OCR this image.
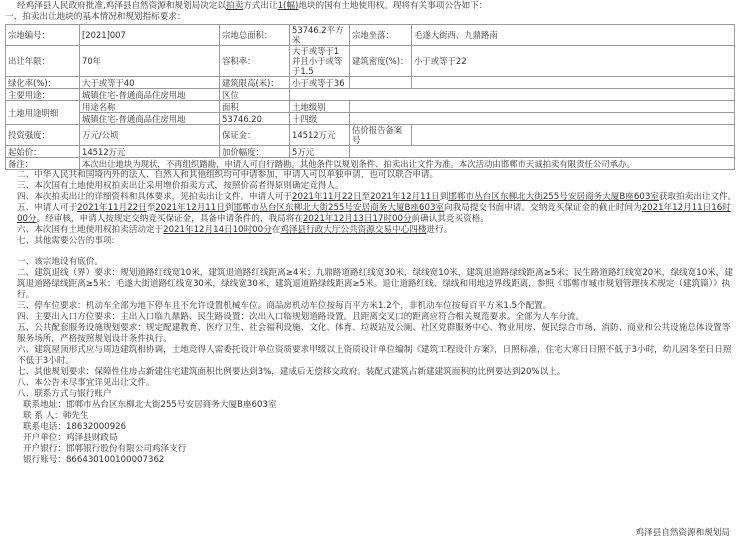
经鸡泽县人民政府批准,鸡泽县自然资源和规划局决定以拍卖方式出让1(幅)地块的国有土地使用权。现将有关事项公告如下：
一、拍卖出让地块的基本情况和规划指标要求：
宗地编号：	[2021]007	宗地总面积：	53746.2平方米	宗地坐落：	毛遂大街西、九鼎路南
出让年限：	70年	容积率：	大于或等于1并且小于或等于1.5	建筑密度(%)：	小于或等于22
绿化率(%)：	大于或等于40	建筑限高(米)：	小于或等于36		
主要用途：	城镇住宅-普通商品住房用地	区位			
土地用途明细	用途名称	面积	土地级别		
	城镇住宅-普通商品住房用地	53746.20	十四级		
投资强度：	万元/公顷	保证金：	14512万元	估价报告备案号	
起始价：	14512万元	加价幅度：	5万元		
备注：	本次出让地块为现状，不再组织踏勘，申请人可自行踏勘。其他条件以规划条件、拍卖出让文件为准。本次活动由邯郸市天诚拍卖有限责任公司承办。				
二、中华人民共和国境内外的法人、自然人和其他组织均可申请参加，申请人可以单独申请，也可以联合申请。
三、本次国有土地使用权拍卖出让采用增价拍卖方式，按照价高者得原则确定竞得人。
四、本次拍卖出让的详细资料和具体要求，见拍卖出让文件。申请人可于2021年11月22日至2021年12月11日到邯郸市丛台区东柳北大街255号安居商务大厦B座603室获取拍卖出让文件。
五、申请人可于2021年11月22日至2021年12月11日到邯郸市丛台区东柳北大街255号安居商务大厦B座603室向我局提交书面申请。交纳竞买保证金的截止时间为2021年12月11日16时00分。经审核，申请人按规定交纳竞买保证金，具备申请条件的，我局将在2021年12月13日17时00分前确认其竞买资格。
六、本次国有土地使用权拍卖活动定于2021年12月14日10时00分在鸡泽县行政大厅公共资源交易中心四楼进行。
七、其他需要公告的事项:
一、该宗地设有底价。
二、建筑退线（界）要求：规划道路红线宽10米，建筑退道路红线距离≥4米；九鼎路道路红线宽30米，绿线宽10米，建筑退道路绿线距离≥5米；民生路道路红线宽20米，绿线宽10米，建筑退道路绿线距离≥5米；毛遂大街道路红线宽30米，绿线宽30米，建筑退道路绿线距离≥5米。退让道路红线、绿线和用地边界线距离，参照《邯郸市城市规划管理技术规定（建筑篇）》执行。
三、停车位要求：机动车全部为地下停车且不允许设置机械车位。商品房机动车位按每百平方米1.2个，非机动车位按每百平方米1.5个配置。
四、主要出入口方位要求：主出入口临九鼎路、民生路设置；次出入口临规划道路设置。且距离交叉口的距离应符合相关规范要求。全部为人车分流。
五、公共配套服务设施规划要求：规定配建教育、医疗卫生、社会福利设施、文化、体育、垃圾站及公厕、社区党群服务中心、物业用房、便民综合市场、消防、商业和公共设施总体设置等服务场所，严格按照规划设计条件执行。
六、建筑屋顶形式应与周边建筑相协调，土地竞得人需委托设计单位资质要求甲级以上资质设计单位编制《建筑工程设计方案》，日照标准，住宅大寒日日照不低于3小时，幼儿园冬至日日照不低于3小时。
七、其他规划要求：保障性住房占新建住宅建筑面积比例要达到3%，建成后无偿移交政府。装配式建筑占新建建筑面积的比例要达到20%以上。
八、本公告未尽事宜详见出让文件。
八、联系方式与银行账户
联系地址：邯郸市丛台区东柳北大街255号安居商务大厦B座603室
联 系 人：韩先生
联系电话：18632000926
开户单位：鸡泽县财政局
开户银行：邯郸银行股份有限公司鸡泽支行
银行账号：866430100100007362
鸡泽县自然资源和规划局
